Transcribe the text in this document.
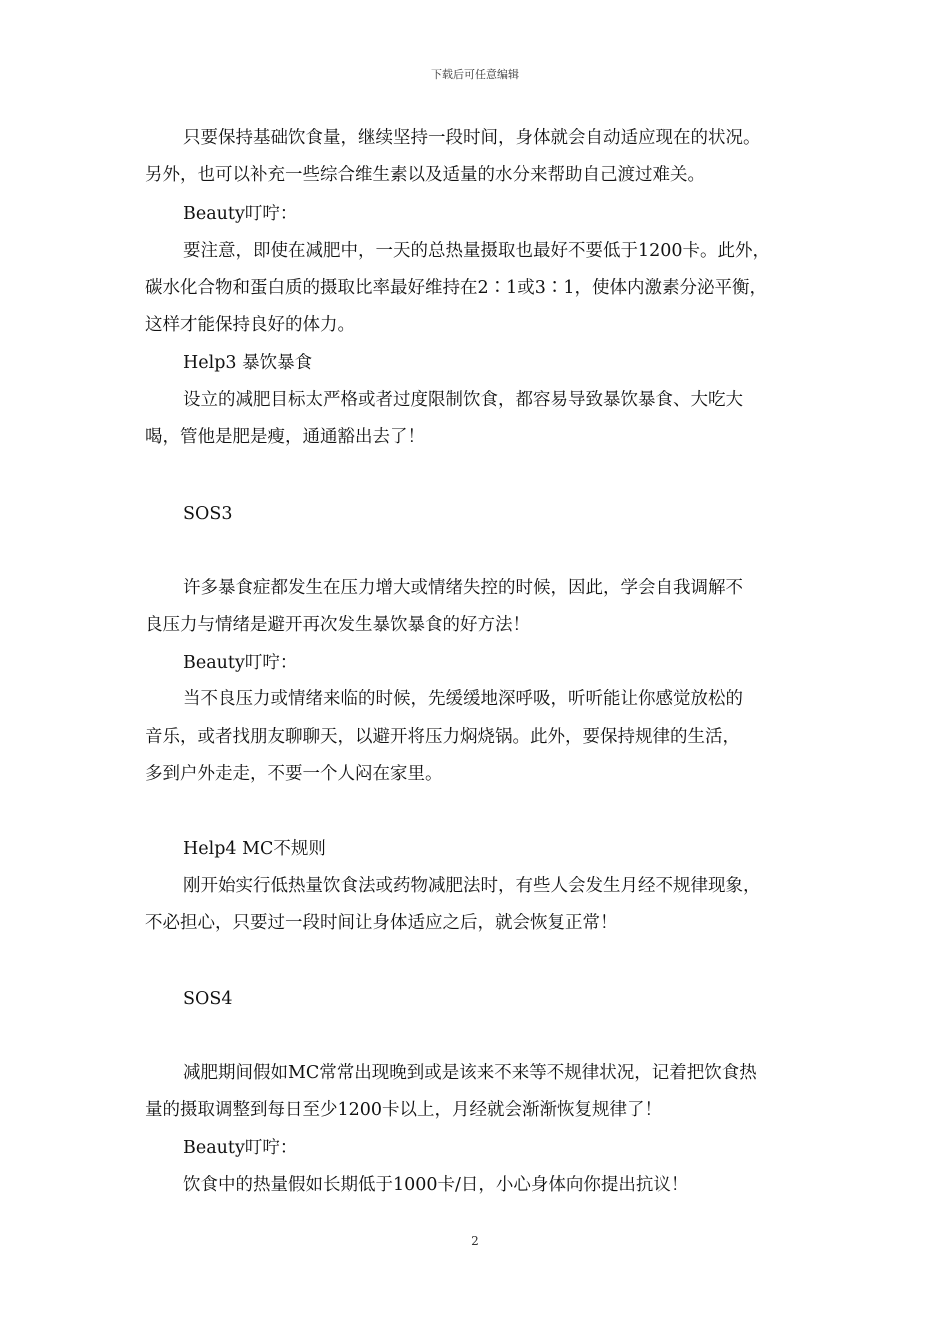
下载后可任意编辑
只要保持基础饮食量，继续坚持一段时间，身体就会自动适应现在的状况。
另外，也可以补充一些综合维生素以及适量的水分来帮助自己渡过难关。
Beauty叮咛：
要注意，即使在减肥中，一天的总热量摄取也最好不要低于1200卡。此外，
碳水化合物和蛋白质的摄取比率最好维持在2∶1或3∶1，使体内激素分泌平衡，
这样才能保持良好的体力。
Help3 暴饮暴食
设立的减肥目标太严格或者过度限制饮食，都容易导致暴饮暴食、大吃大
喝，管他是肥是瘦，通通豁出去了！
SOS3
许多暴食症都发生在压力增大或情绪失控的时候，因此，学会自我调解不
良压力与情绪是避开再次发生暴饮暴食的好方法！
Beauty叮咛：
当不良压力或情绪来临的时候，先缓缓地深呼吸，听听能让你感觉放松的
音乐，或者找朋友聊聊天，以避开将压力焖烧锅。此外，要保持规律的生活，
多到户外走走，不要一个人闷在家里。
Help4 MC不规则
刚开始实行低热量饮食法或药物减肥法时，有些人会发生月经不规律现象，
不必担心，只要过一段时间让身体适应之后，就会恢复正常！
SOS4
减肥期间假如MC常常出现晚到或是该来不来等不规律状况，记着把饮食热
量的摄取调整到每日至少1200卡以上，月经就会渐渐恢复规律了！
Beauty叮咛：
饮食中的热量假如长期低于1000卡/日，小心身体向你提出抗议！
2
